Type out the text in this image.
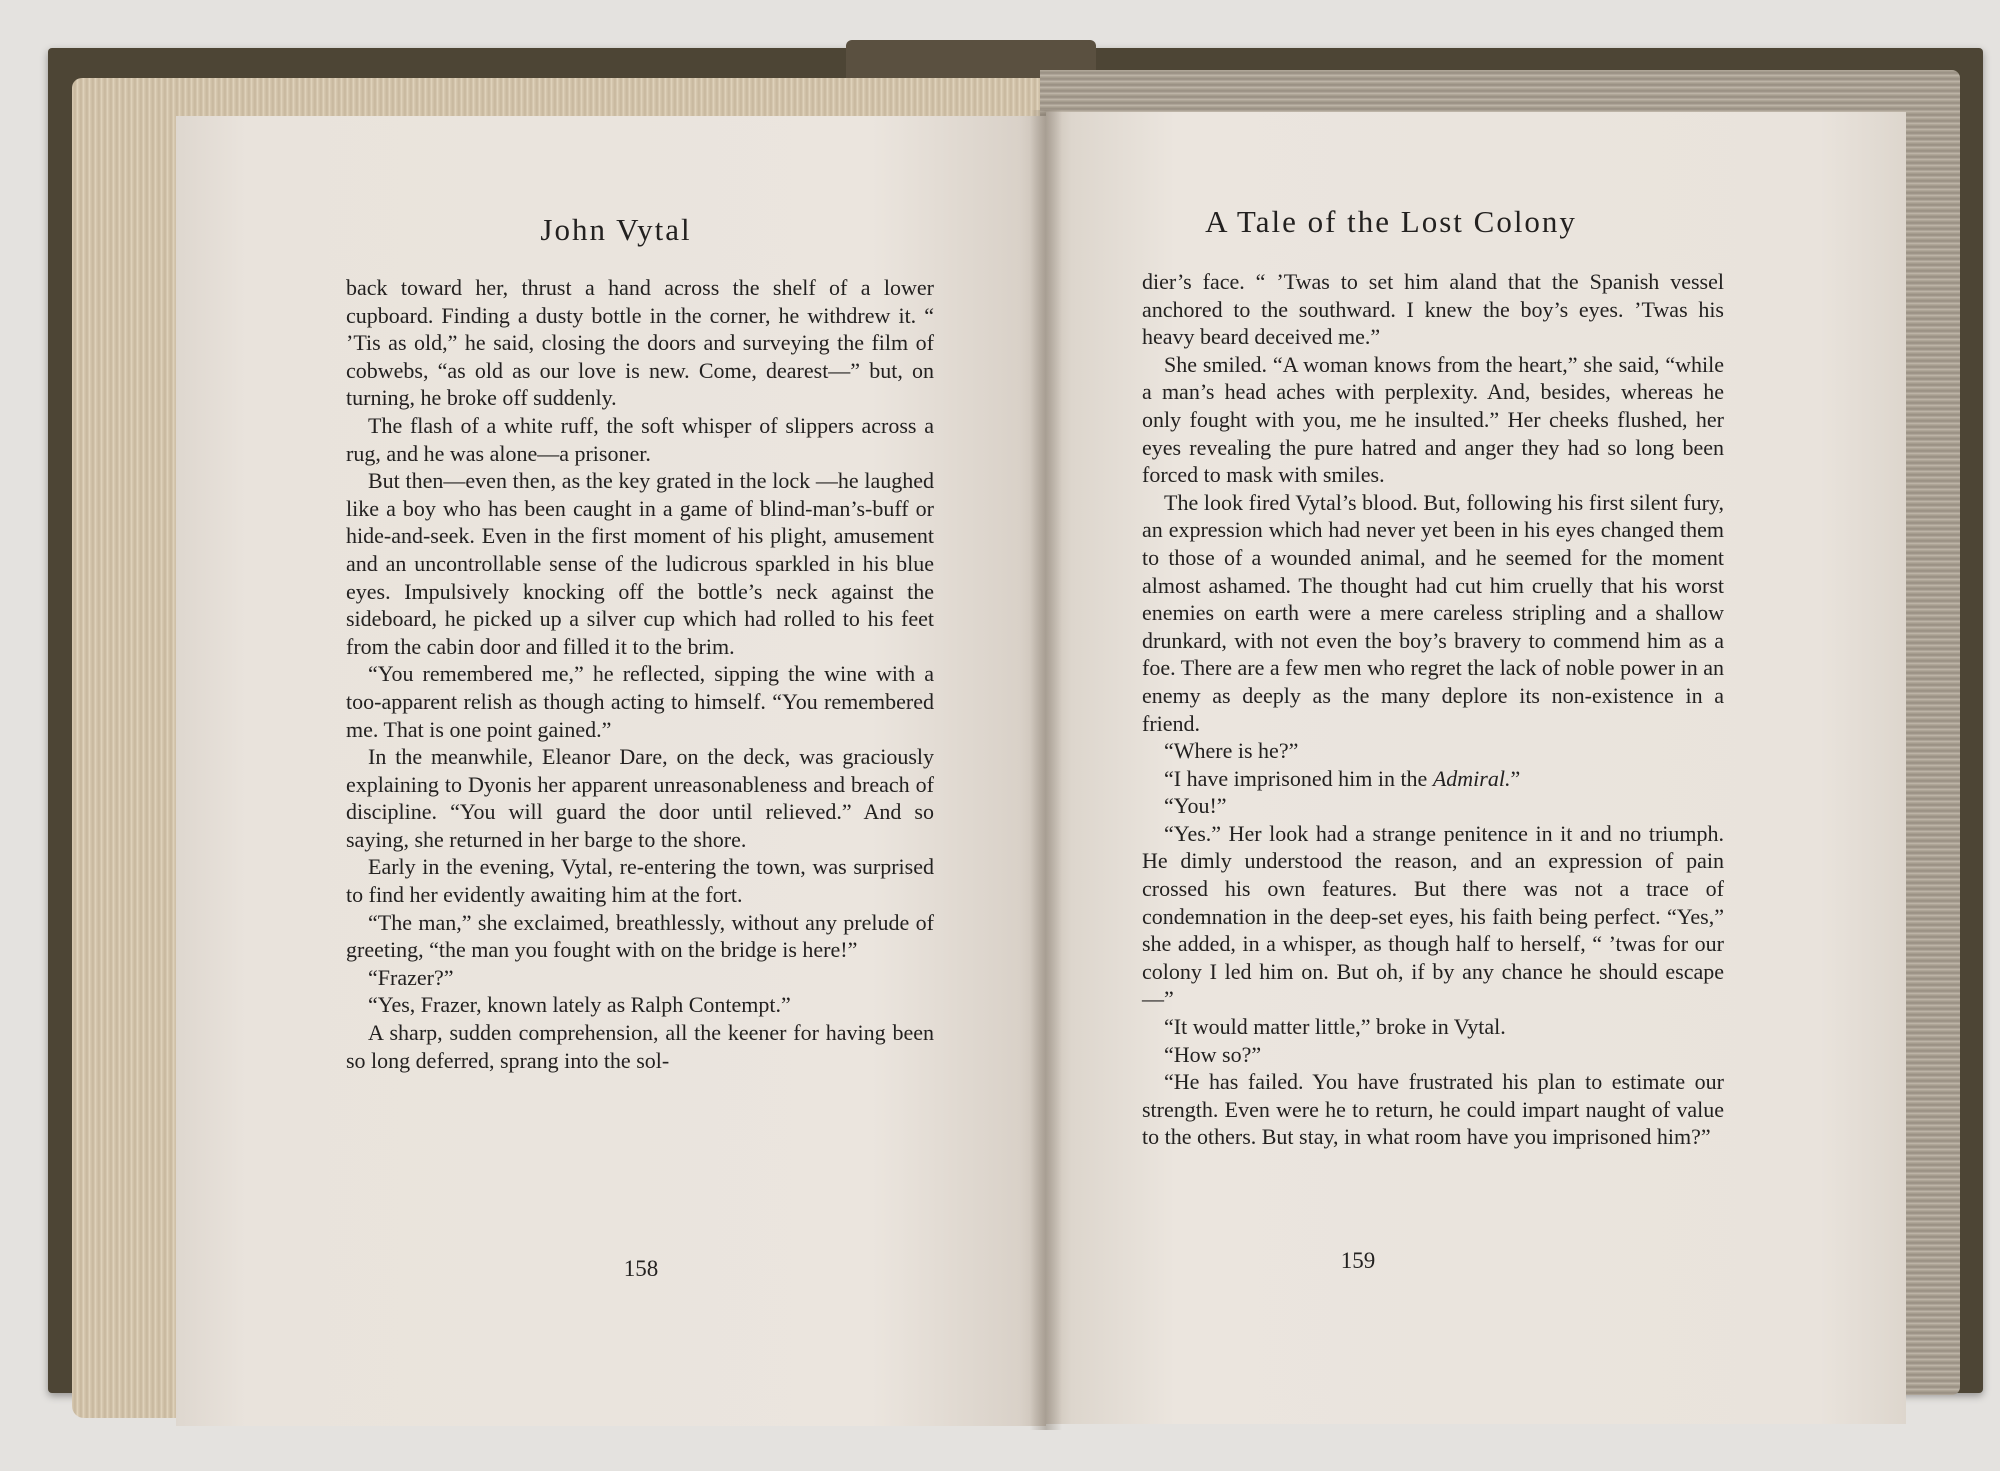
John Vytal

back toward her, thrust a hand across the shelf of a lower cupboard. Finding a dusty bottle in the corner, he withdrew it. “ ’Tis as old,” he said, closing the doors and surveying the film of cobwebs, “as old as our love is new. Come, dearest—” but, on turning, he broke off suddenly.

The flash of a white ruff, the soft whisper of slippers across a rug, and he was alone—a prisoner.

But then—even then, as the key grated in the lock —he laughed like a boy who has been caught in a game of blind-man’s-buff or hide-and-seek. Even in the first moment of his plight, amusement and an uncontrollable sense of the ludicrous sparkled in his blue eyes. Impulsively knocking off the bottle’s neck against the sideboard, he picked up a silver cup which had rolled to his feet from the cabin door and filled it to the brim.

“You remembered me,” he reflected, sipping the wine with a too-apparent relish as though acting to himself. “You remembered me. That is one point gained.”

In the meanwhile, Eleanor Dare, on the deck, was graciously explaining to Dyonis her apparent unreasonableness and breach of discipline. “You will guard the door until relieved.” And so saying, she returned in her barge to the shore.

Early in the evening, Vytal, re-entering the town, was surprised to find her evidently awaiting him at the fort.

“The man,” she exclaimed, breathlessly, without any prelude of greeting, “the man you fought with on the bridge is here!”

“Frazer?”

“Yes, Frazer, known lately as Ralph Contempt.”

A sharp, sudden comprehension, all the keener for having been so long deferred, sprang into the sol-

158
A Tale of the Lost Colony

dier’s face. “ ’Twas to set him aland that the Spanish vessel anchored to the southward. I knew the boy’s eyes. ’Twas his heavy beard deceived me.”

She smiled. “A woman knows from the heart,” she said, “while a man’s head aches with perplexity. And, besides, whereas he only fought with you, me he insulted.” Her cheeks flushed, her eyes revealing the pure hatred and anger they had so long been forced to mask with smiles.

The look fired Vytal’s blood. But, following his first silent fury, an expression which had never yet been in his eyes changed them to those of a wounded animal, and he seemed for the moment almost ashamed. The thought had cut him cruelly that his worst enemies on earth were a mere careless stripling and a shallow drunkard, with not even the boy’s bravery to commend him as a foe. There are a few men who regret the lack of noble power in an enemy as deeply as the many deplore its non-existence in a friend.

“Where is he?”

“I have imprisoned him in the Admiral.”

“You!”

“Yes.” Her look had a strange penitence in it and no triumph. He dimly understood the reason, and an expression of pain crossed his own features. But there was not a trace of condemnation in the deep-set eyes, his faith being perfect. “Yes,” she added, in a whisper, as though half to herself, “ ’twas for our colony I led him on. But oh, if by any chance he should escape—”

“It would matter little,” broke in Vytal.

“How so?”

“He has failed. You have frustrated his plan to estimate our strength. Even were he to return, he could impart naught of value to the others. But stay, in what room have you imprisoned him?”

159
